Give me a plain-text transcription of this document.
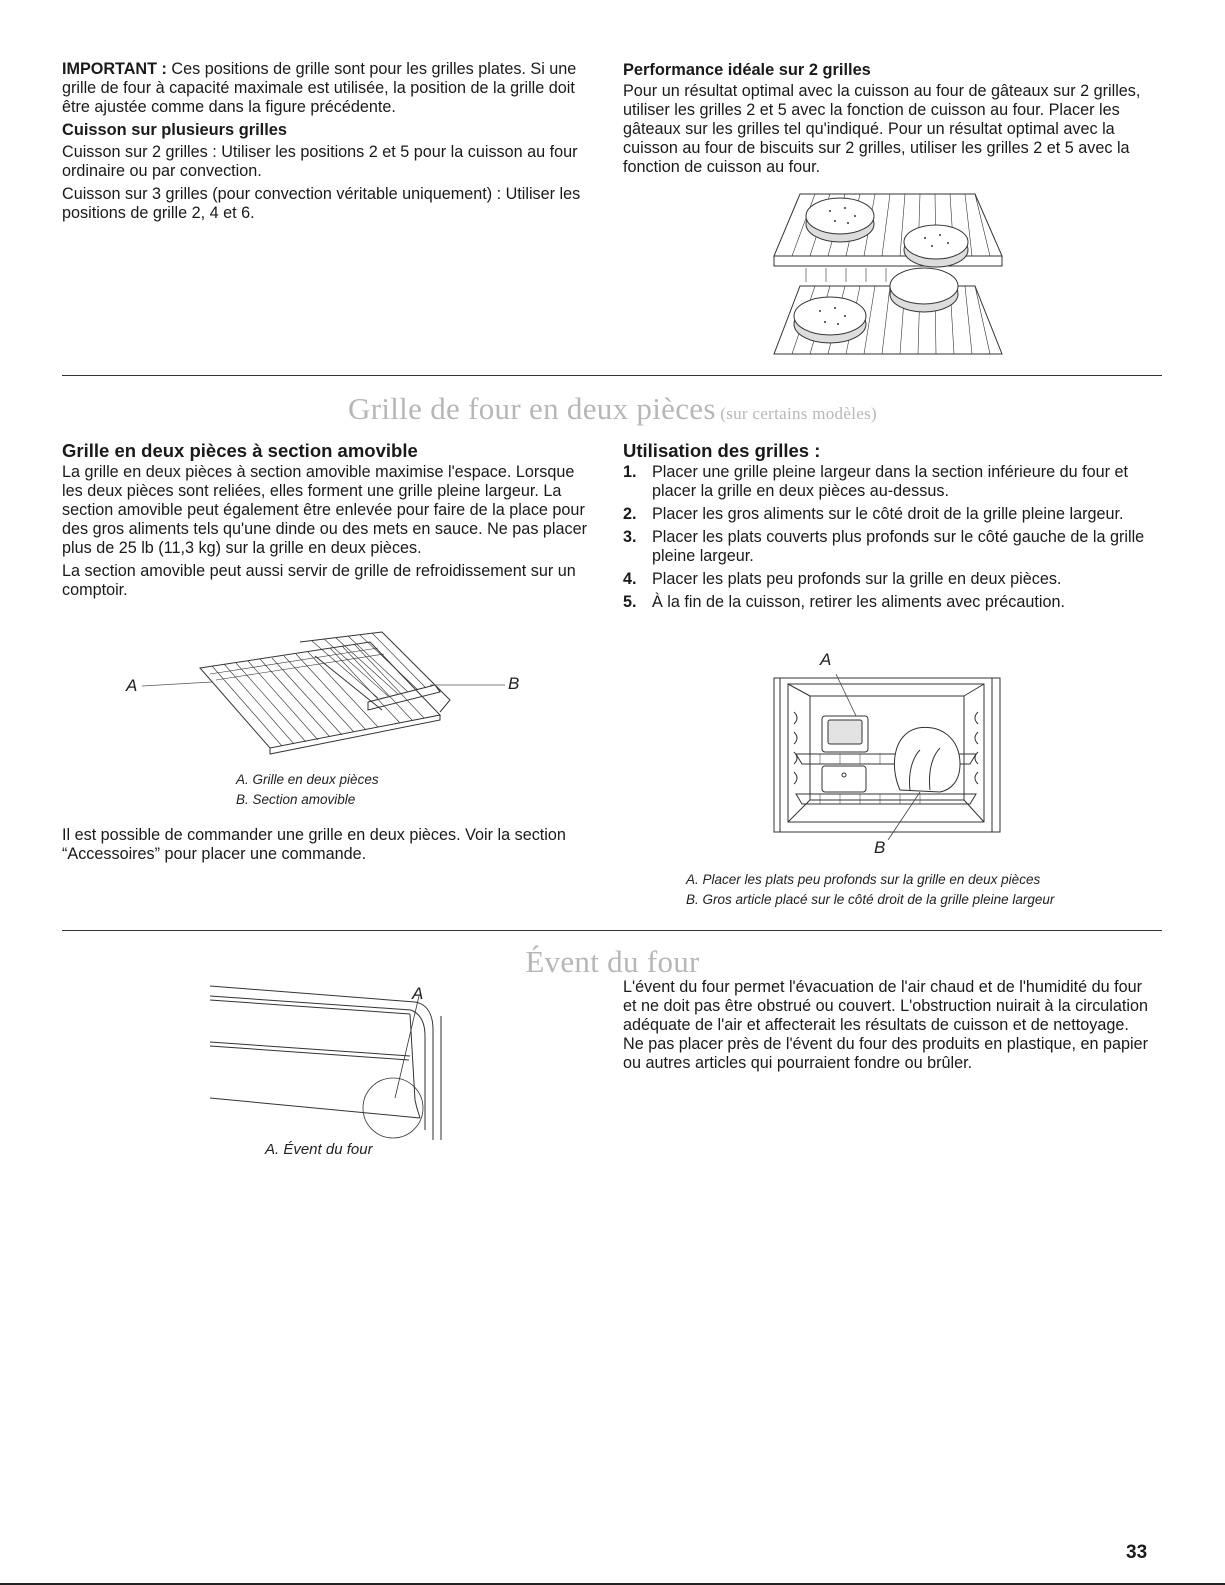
IMPORTANT : Ces positions de grille sont pour les grilles plates. Si une grille de four à capacité maximale est utilisée, la position de la grille doit être ajustée comme dans la figure précédente.

Cuisson sur plusieurs grilles

Cuisson sur 2 grilles : Utiliser les positions 2 et 5 pour la cuisson au four ordinaire ou par convection.

Cuisson sur 3 grilles (pour convection véritable uniquement) : Utiliser les positions de grille 2, 4 et 6.

Performance idéale sur 2 grilles

Pour un résultat optimal avec la cuisson au four de gâteaux sur 2 grilles, utiliser les grilles 2 et 5 avec la fonction de cuisson au four. Placer les gâteaux sur les grilles tel qu'indiqué. Pour un résultat optimal avec la cuisson au four de biscuits sur 2 grilles, utiliser les grilles 2 et 5 avec la fonction de cuisson au four.

Grille de four en deux pièces (sur certains modèles)

Grille en deux pièces à section amovible

La grille en deux pièces à section amovible maximise l'espace. Lorsque les deux pièces sont reliées, elles forment une grille pleine largeur. La section amovible peut également être enlevée pour faire de la place pour des gros aliments tels qu'une dinde ou des mets en sauce. Ne pas placer plus de 25 lb (11,3 kg) sur la grille en deux pièces.

La section amovible peut aussi servir de grille de refroidissement sur un comptoir.

A	B
A. Grille en deux pièces
B. Section amovible

Il est possible de commander une grille en deux pièces. Voir la section “Accessoires” pour placer une commande.

Utilisation des grilles :

1. Placer une grille pleine largeur dans la section inférieure du four et placer la grille en deux pièces au-dessus.
2. Placer les gros aliments sur le côté droit de la grille pleine largeur.
3. Placer les plats couverts plus profonds sur le côté gauche de la grille pleine largeur.
4. Placer les plats peu profonds sur la grille en deux pièces.
5. À la fin de la cuisson, retirer les aliments avec précaution.
A
B
A. Placer les plats peu profonds sur la grille en deux pièces
B. Gros article placé sur le côté droit de la grille pleine largeur
Évent du four
A
A. Évent du four

L'évent du four permet l'évacuation de l'air chaud et de l'humidité du four et ne doit pas être obstrué ou couvert. L'obstruction nuirait à la circulation adéquate de l'air et affecterait les résultats de cuisson et de nettoyage. Ne pas placer près de l'évent du four des produits en plastique, en papier ou autres articles qui pourraient fondre ou brûler.

33
